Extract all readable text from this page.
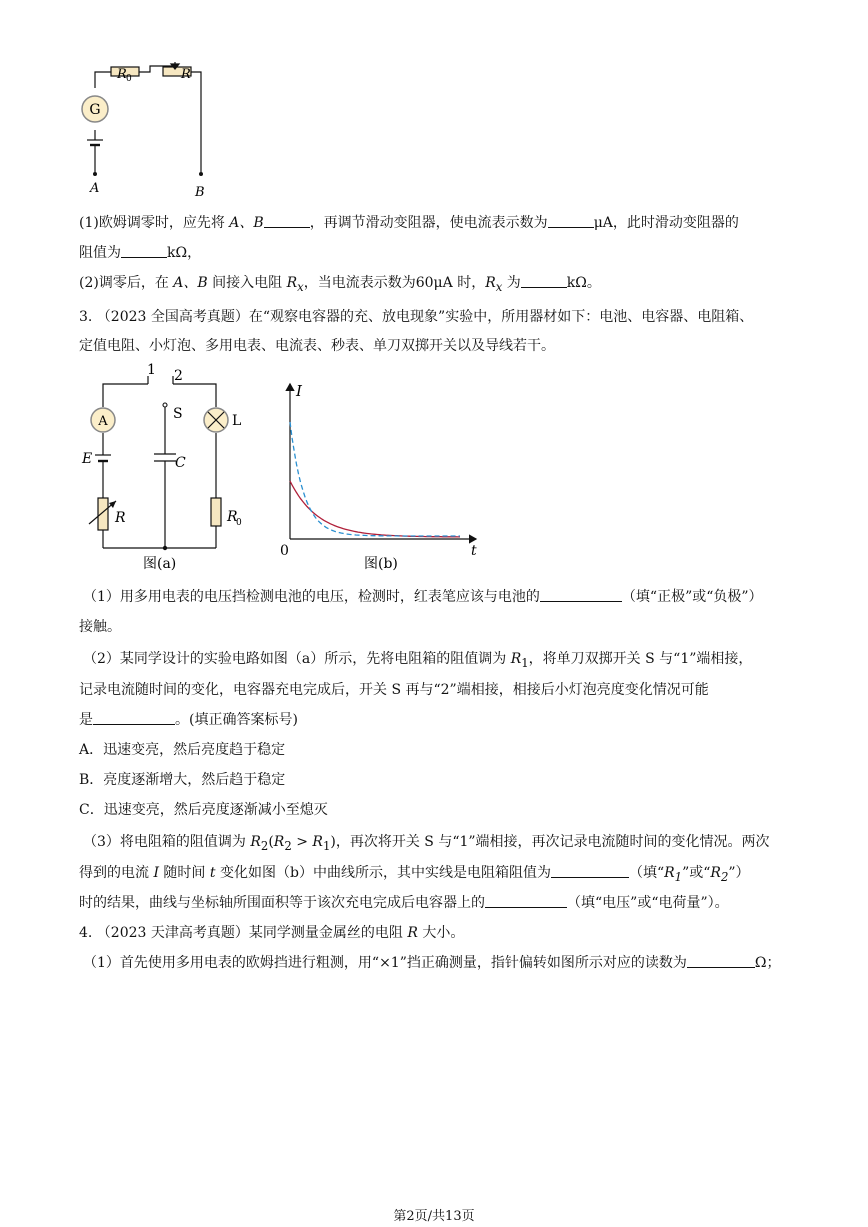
G
R 0	R
A	B
(1)欧姆调零时，应先将 A、B	，再调节滑动变阻器，使电流表示数为	μA，此时滑动变阻器的
阻值为	kΩ，
(2)调零后，在 A、B 间接入电阻 $R_x$，当电流表示数为60μA 时，$R_x$ 为	kΩ。
3. （2023 全国高考真题）在“观察电容器的充、放电现象”实验中，所用器材如下：电池、电容器、电阻箱、
定值电阻、小灯泡、多用电表、电流表、秒表、单刀双掷开关以及导线若干。
A
1 2
S	L
E	C
R	R
0
图(a)
I
0	t
图(b)
（1）用多用电表的电压挡检测电池的电压，检测时，红表笔应该与电池的	（填“正极”或“负极”）
接触。
（2）某同学设计的实验电路如图（a）所示，先将电阻箱的阻值调为 $R_1$，将单刀双掷开关 S 与“1”端相接，
记录电流随时间的变化，电容器充电完成后，开关 S 再与“2”端相接，相接后小灯泡亮度变化情况可能
是	。(填正确答案标号)
A．迅速变亮，然后亮度趋于稳定
B．亮度逐渐增大，然后趋于稳定
C．迅速变亮，然后亮度逐渐减小至熄灭
（3）将电阻箱的阻值调为 $R_2(R_2 > R_1)$，再次将开关 S 与“1”端相接，再次记录电流随时间的变化情况。两次
得到的电流 I 随时间 t 变化如图（b）中曲线所示，其中实线是电阻箱阻值为	（填“$R_1$”或“$R_2$”）
时的结果，曲线与坐标轴所围面积等于该次充电完成后电容器上的	（填“电压”或“电荷量”）。
4. （2023 天津高考真题）某同学测量金属丝的电阻 R 大小。
（1）首先使用多用电表的欧姆挡进行粗测，用“×1”挡正确测量，指针偏转如图所示对应的读数为	Ω；
第2页/共13页
